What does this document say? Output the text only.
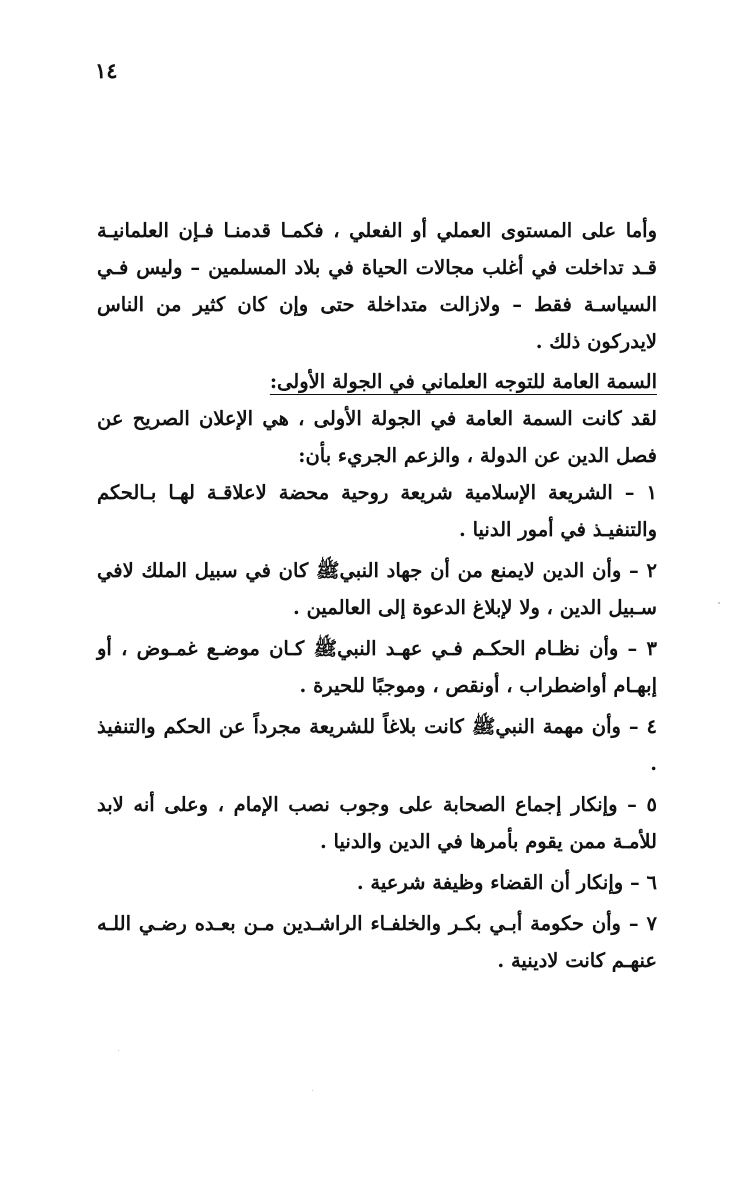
١٤

وأما على المستوى العملي أو الفعلي ، فكمـا قدمنـا فـإن العلمانيـة قـد تداخلت في أغلب مجالات الحياة في بلاد المسلمين – وليس فـي السياسـة فقط – ولازالت متداخلة حتى وإن كان كثير من الناس لايدركون ذلك .

السمة العامة للتوجه العلماني في الجولة الأولى:

لقد كانت السمة العامة في الجولة الأولى ، هي الإعلان الصريح عن فصل الدين عن الدولة ، والزعم الجريء بأن:

١ – الشريعة الإسلامية شريعة روحية محضة لاعلاقـة لهـا بـالحكم والتنفيـذ في أمور الدنيا .
٢ – وأن الدين لايمنع من أن جهاد النبيﷺ كان في سبيل الملك لافي سـبيل الدين ، ولا لإبلاغ الدعوة إلى العالمين .
٣ – وأن نظـام الحكـم فـي عهـد النبيﷺ كـان موضـع غمـوض ، أو إبهـام أواضطراب ، أونقص ، وموجبًا للحيرة .
٤ – وأن مهمة النبيﷺ كانت بلاغاً للشريعة مجرداً عن الحكم والتنفيذ .
٥ – وإنكار إجماع الصحابة على وجوب نصب الإمام ، وعلى أنه لابد للأمـة ممن يقوم بأمرها في الدين والدنيا .
٦ – وإنكار أن القضاء وظيفة شرعية .
٧ – وأن حكومة أبـي بكـر والخلفـاء الراشـدين مـن بعـده رضـي اللـه عنهـم كانت لادينية .
